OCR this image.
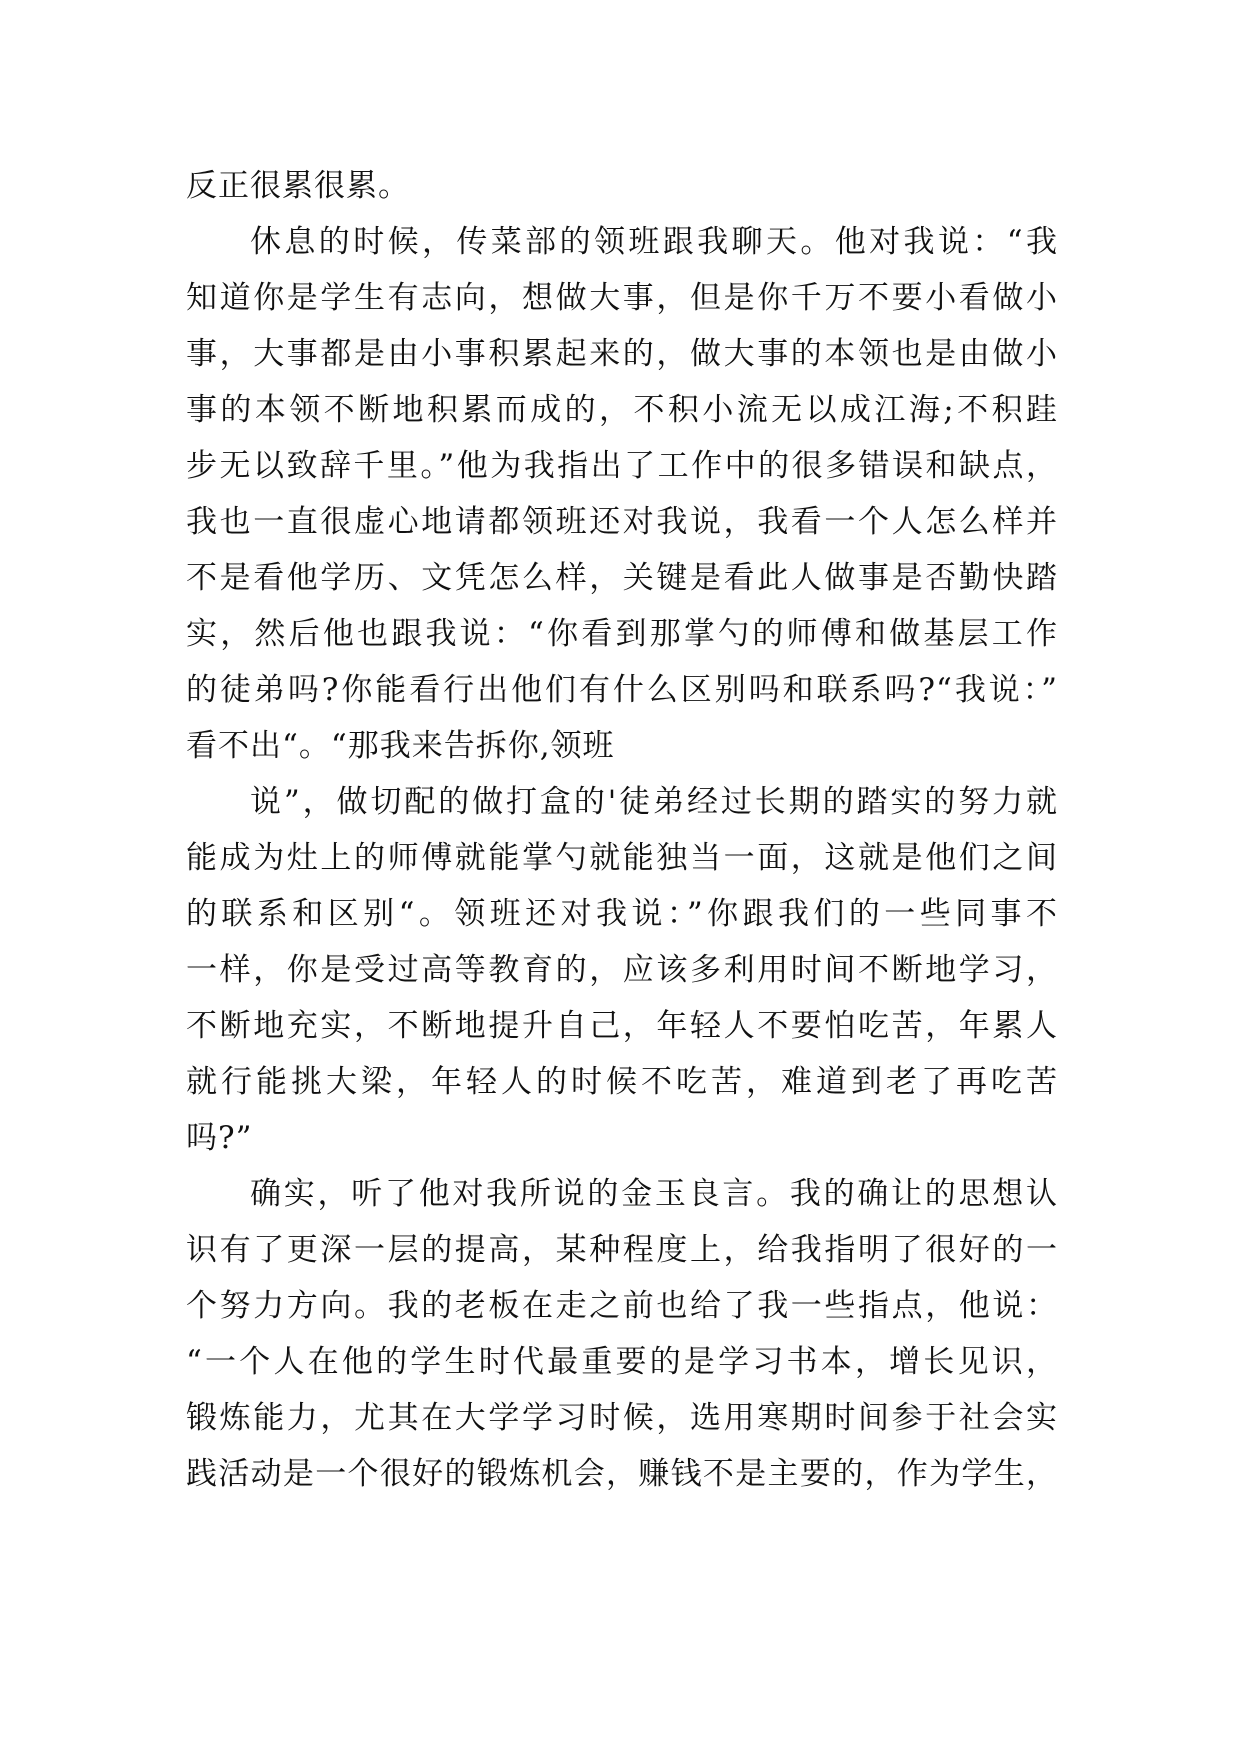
反正很累很累。
休息的时候，传菜部的领班跟我聊天。他对我说：“我
知道你是学生有志向，想做大事，但是你千万不要小看做小
事，大事都是由小事积累起来的，做大事的本领也是由做小
事的本领不断地积累而成的，不积小流无以成江海;不积跬
步无以致辞千里。”他为我指出了工作中的很多错误和缺点，
我也一直很虚心地请都领班还对我说，我看一个人怎么样并
不是看他学历、文凭怎么样，关键是看此人做事是否勤快踏
实，然后他也跟我说：“你看到那掌勺的师傅和做基层工作
的徒弟吗?你能看行出他们有什么区别吗和联系吗?“我说：”
看不出“。“那我来告拆你,领班
说”，做切配的做打盒的'徒弟经过长期的踏实的努力就
能成为灶上的师傅就能掌勺就能独当一面，这就是他们之间
的联系和区别“。领班还对我说：”你跟我们的一些同事不
一样，你是受过高等教育的，应该多利用时间不断地学习，
不断地充实，不断地提升自己，年轻人不要怕吃苦，年累人
就行能挑大梁，年轻人的时候不吃苦，难道到老了再吃苦
吗?”
确实，听了他对我所说的金玉良言。我的确让的思想认
识有了更深一层的提高，某种程度上，给我指明了很好的一
个努力方向。我的老板在走之前也给了我一些指点，他说：
“一个人在他的学生时代最重要的是学习书本，增长见识，
锻炼能力，尤其在大学学习时候，选用寒期时间参于社会实
践活动是一个很好的锻炼机会，赚钱不是主要的，作为学生，
